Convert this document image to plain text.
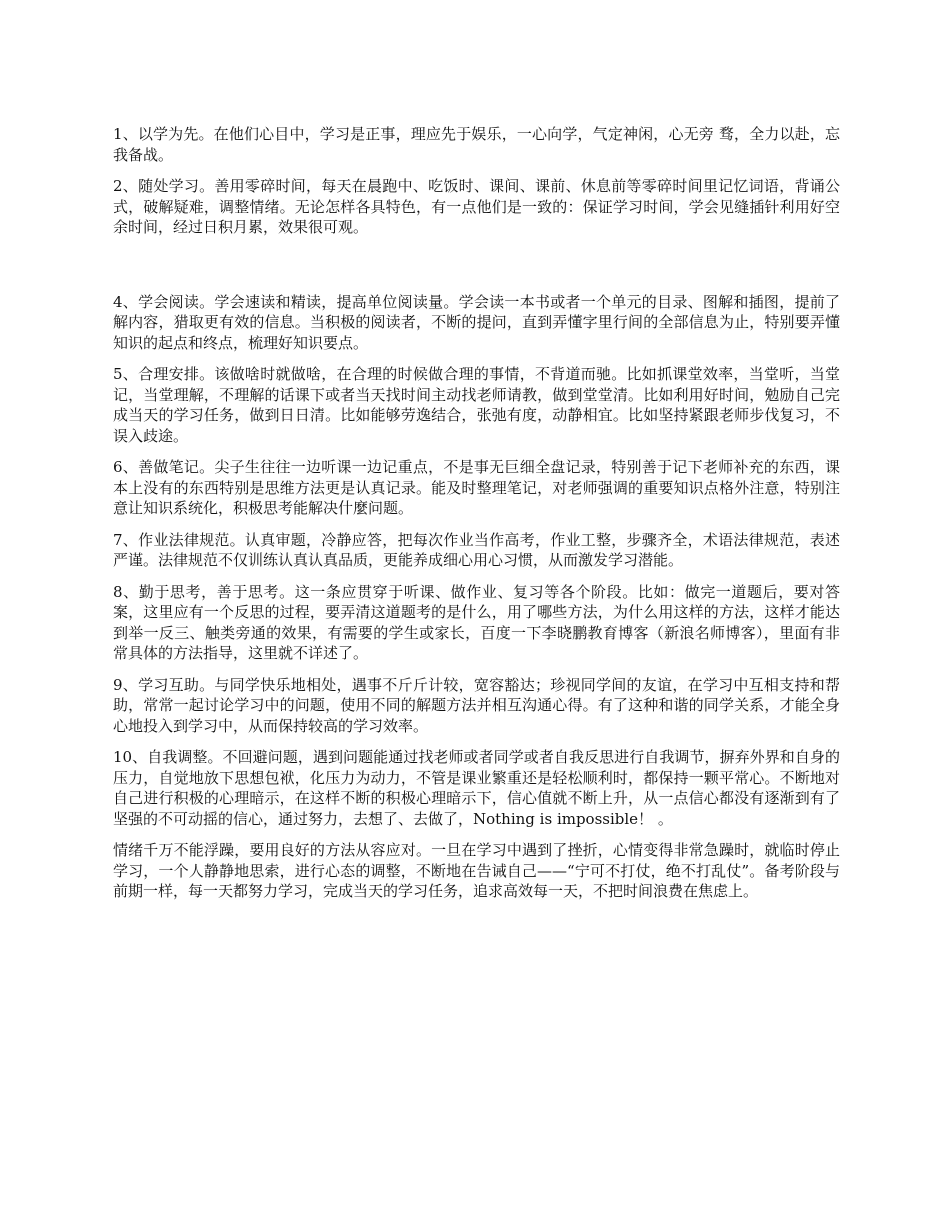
1、以学为先。在他们心目中，学习是正事，理应先于娱乐，一心向学，气定神闲，心无旁 骛，全力以赴，忘我备战。

2、随处学习。善用零碎时间，每天在晨跑中、吃饭时、课间、课前、休息前等零碎时间里记忆词语，背诵公式，破解疑难，调整情绪。无论怎样各具特色，有一点他们是一致的：保证学习时间，学会见缝插针利用好空余时间，经过日积月累，效果很可观。

4、学会阅读。学会速读和精读，提高单位阅读量。学会读一本书或者一个单元的目录、图解和插图，提前了解内容，猎取更有效的信息。当积极的阅读者，不断的提问，直到弄懂字里行间的全部信息为止，特别要弄懂知识的起点和终点，梳理好知识要点。

5、合理安排。该做啥时就做啥，在合理的时候做合理的事情，不背道而驰。比如抓课堂效率，当堂听，当堂记，当堂理解，不理解的话课下或者当天找时间主动找老师请教，做到堂堂清。比如利用好时间，勉励自己完成当天的学习任务，做到日日清。比如能够劳逸结合，张弛有度，动静相宜。比如坚持紧跟老师步伐复习，不误入歧途。

6、善做笔记。尖子生往往一边听课一边记重点，不是事无巨细全盘记录，特别善于记下老师补充的东西，课本上没有的东西特别是思维方法更是认真记录。能及时整理笔记，对老师强调的重要知识点格外注意，特别注意让知识系统化，积极思考能解决什麼问题。

7、作业法律规范。认真审题，冷静应答，把每次作业当作高考，作业工整，步骤齐全，术语法律规范，表述严谨。法律规范不仅训练认真认真品质，更能养成细心用心习惯，从而激发学习潜能。

8、勤于思考，善于思考。这一条应贯穿于听课、做作业、复习等各个阶段。比如：做完一道题后，要对答案，这里应有一个反思的过程，要弄清这道题考的是什么，用了哪些方法，为什么用这样的方法，这样才能达到举一反三、触类旁通的效果，有需要的学生或家长，百度一下李晓鹏教育博客（新浪名师博客），里面有非常具体的方法指导，这里就不详述了。

9、学习互助。与同学快乐地相处，遇事不斤斤计较，宽容豁达；珍视同学间的友谊，在学习中互相支持和帮助，常常一起讨论学习中的问题，使用不同的解题方法并相互沟通心得。有了这种和谐的同学关系，才能全身心地投入到学习中，从而保持较高的学习效率。

10、自我调整。不回避问题，遇到问题能通过找老师或者同学或者自我反思进行自我调节，摒弃外界和自身的压力，自觉地放下思想包袱，化压力为动力，不管是课业繁重还是轻松顺利时，都保持一颗平常心。不断地对自己进行积极的心理暗示，在这样不断的积极心理暗示下，信心值就不断上升，从一点信心都没有逐渐到有了坚强的不可动摇的信心，通过努力，去想了、去做了，Nothing is impossible！ 。

情绪千万不能浮躁，要用良好的方法从容应对。一旦在学习中遇到了挫折，心情变得非常急躁时，就临时停止学习，一个人静静地思索，进行心态的调整，不断地在告诫自己——“宁可不打仗，绝不打乱仗”。备考阶段与前期一样，每一天都努力学习，完成当天的学习任务，追求高效每一天，不把时间浪费在焦虑上。
